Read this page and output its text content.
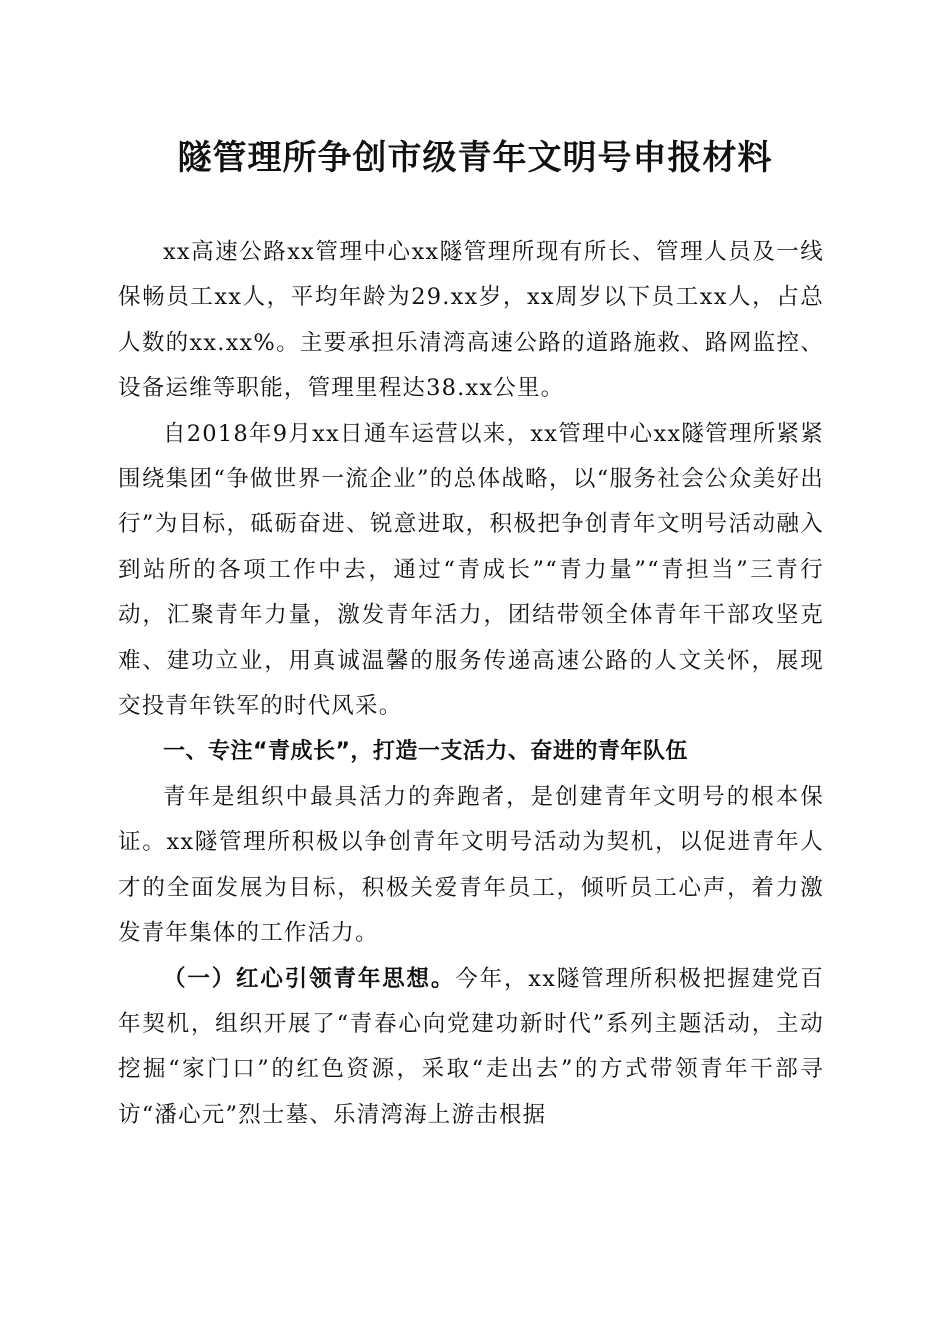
隧管理所争创市级青年文明号申报材料

xx高速公路xx管理中心xx隧管理所现有所长、管理人员及一线保畅员工xx人，平均年龄为29.xx岁，xx周岁以下员工xx人，占总人数的xx.xx%。主要承担乐清湾高速公路的道路施救、路网监控、设备运维等职能，管理里程达38.xx公里。

自2018年9月xx日通车运营以来，xx管理中心xx隧管理所紧紧围绕集团“争做世界一流企业”的总体战略，以“服务社会公众美好出行”为目标，砥砺奋进、锐意进取，积极把争创青年文明号活动融入到站所的各项工作中去，通过“青成长”“青力量”“青担当”三青行动，汇聚青年力量，激发青年活力，团结带领全体青年干部攻坚克难、建功立业，用真诚温馨的服务传递高速公路的人文关怀，展现交投青年铁军的时代风采。

一、专注“青成长”，打造一支活力、奋进的青年队伍

青年是组织中最具活力的奔跑者，是创建青年文明号的根本保证。xx隧管理所积极以争创青年文明号活动为契机，以促进青年人才的全面发展为目标，积极关爱青年员工，倾听员工心声，着力激发青年集体的工作活力。

（一）红心引领青年思想。今年，xx隧管理所积极把握建党百年契机，组织开展了“青春心向党建功新时代”系列主题活动，主动挖掘“家门口”的红色资源，采取“走出去”的方式带领青年干部寻访“潘心元”烈士墓、乐清湾海上游击根据
